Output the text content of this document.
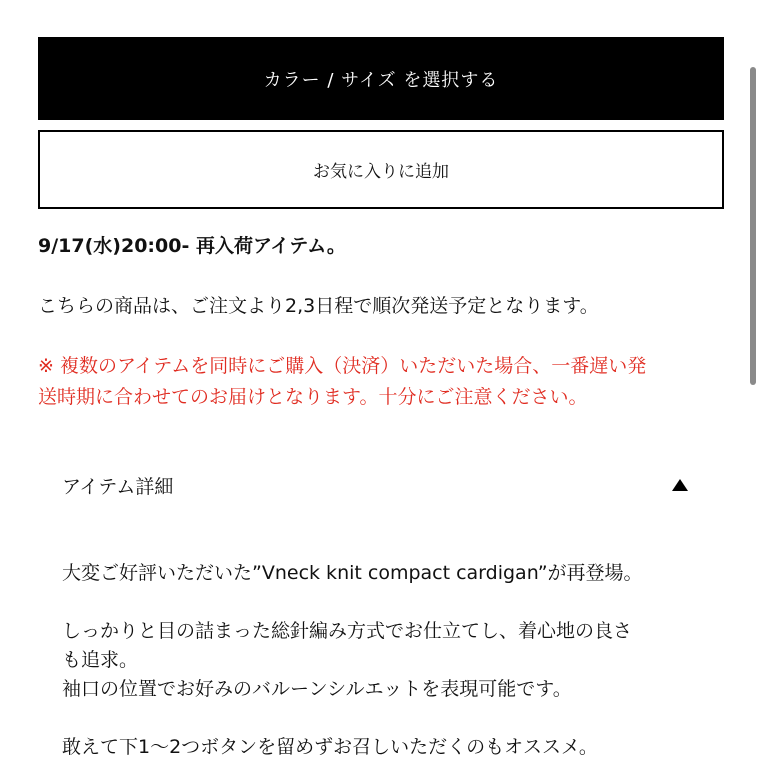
カラー / サイズ を選択する
お気に入りに追加
9/17(水)20:00- 再入荷アイテム。
こちらの商品は、ご注文より2,3日程で順次発送予定となります。
※ 複数のアイテムを同時にご購入（決済）いただいた場合、一番遅い発
送時期に合わせてのお届けとなります。十分にご注意ください。
アイテム詳細

大変ご好評いただいた”Vneck knit compact cardigan”が再登場。

しっかりと目の詰まった総針編み方式でお仕立てし、着心地の良さ

も追求。

袖口の位置でお好みのバルーンシルエットを表現可能です。

敢えて下1〜2つボタンを留めずお召しいただくのもオススメ。
